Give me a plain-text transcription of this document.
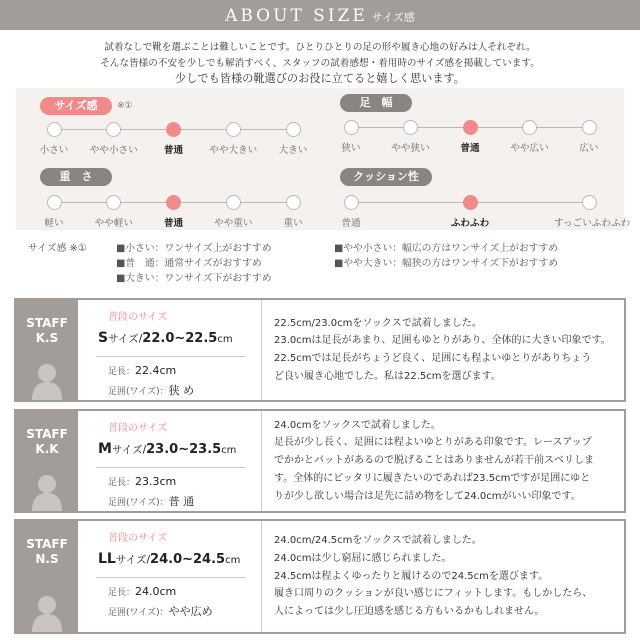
ABOUT SIZE サイズ感
試着なしで靴を選ぶことは難しいことです。ひとりひとりの足の形や履き心地の好みは人それぞれ。
そんな皆様の不安を少しでも解消すべく、スタッフの試着感想・着用時のサイズ感を掲載しています。
少しでも皆様の靴選びのお役に立てると嬉しく思います。
サイズ感	※①	足　幅
重　さ	クッション性
小さい	やや小さい	普通	やや大きい	大きい	狭い	やや狭い	普通	やや広い	広い
軽い	やや軽い	普通	やや重い	重い	普通	ふわふわ	すっごいふわふわ
サイズ感 ※①	■小さい：ワンサイズ上がおすすめ
■普　通：通常サイズがおすすめ
■大きい：ワンサイズ下がおすすめ
■やや小さい：幅広の方はワンサイズ上がおすすめ
■やや大きい：幅狭の方はワンサイズ下がおすすめ
STAFF
K.S
普段のサイズ
Sサイズ/22.0∼22.5cm
足長：22.4cm
足囲(ワイズ)：狭 め
22.5cm/23.0cmをソックスで試着しました。
23.0cmは足長があまり、足囲もゆとりがあり、全体的に大きい印象です。
22.5cmでは足長がちょうど良く、足囲にも程よいゆとりがありちょう
ど良い履き心地でした。私は22.5cmを選びます。
STAFF
K.K
普段のサイズ
Mサイズ/23.0∼23.5cm
足長：23.3cm
足囲(ワイズ)：普 通
24.0cmをソックスで試着しました。
足長が少し長く、足囲には程よいゆとりがある印象です。レースアップ
でかかとパットがあるので脱げることはありませんが若干前スベリしま
す。全体的にピッタリに履きたいのであれば23.5cmですが足囲にゆと
りが少し欲しい場合は足先に詰め物をして24.0cmがいい印象です。
STAFF
N.S
普段のサイズ
LLサイズ/24.0∼24.5cm
足長：24.0cm
足囲(ワイズ)：やや広め
24.0cm/24.5cmをソックスで試着しました。
24.0cmは少し窮屈に感じられました。
24.5cmは程よくゆったりと履けるので24.5cmを選びます。
履き口周りのクッションが良い感じにフィットします。もしかしたら、
人によっては少し圧迫感を感じる方もいるかもしれません。
